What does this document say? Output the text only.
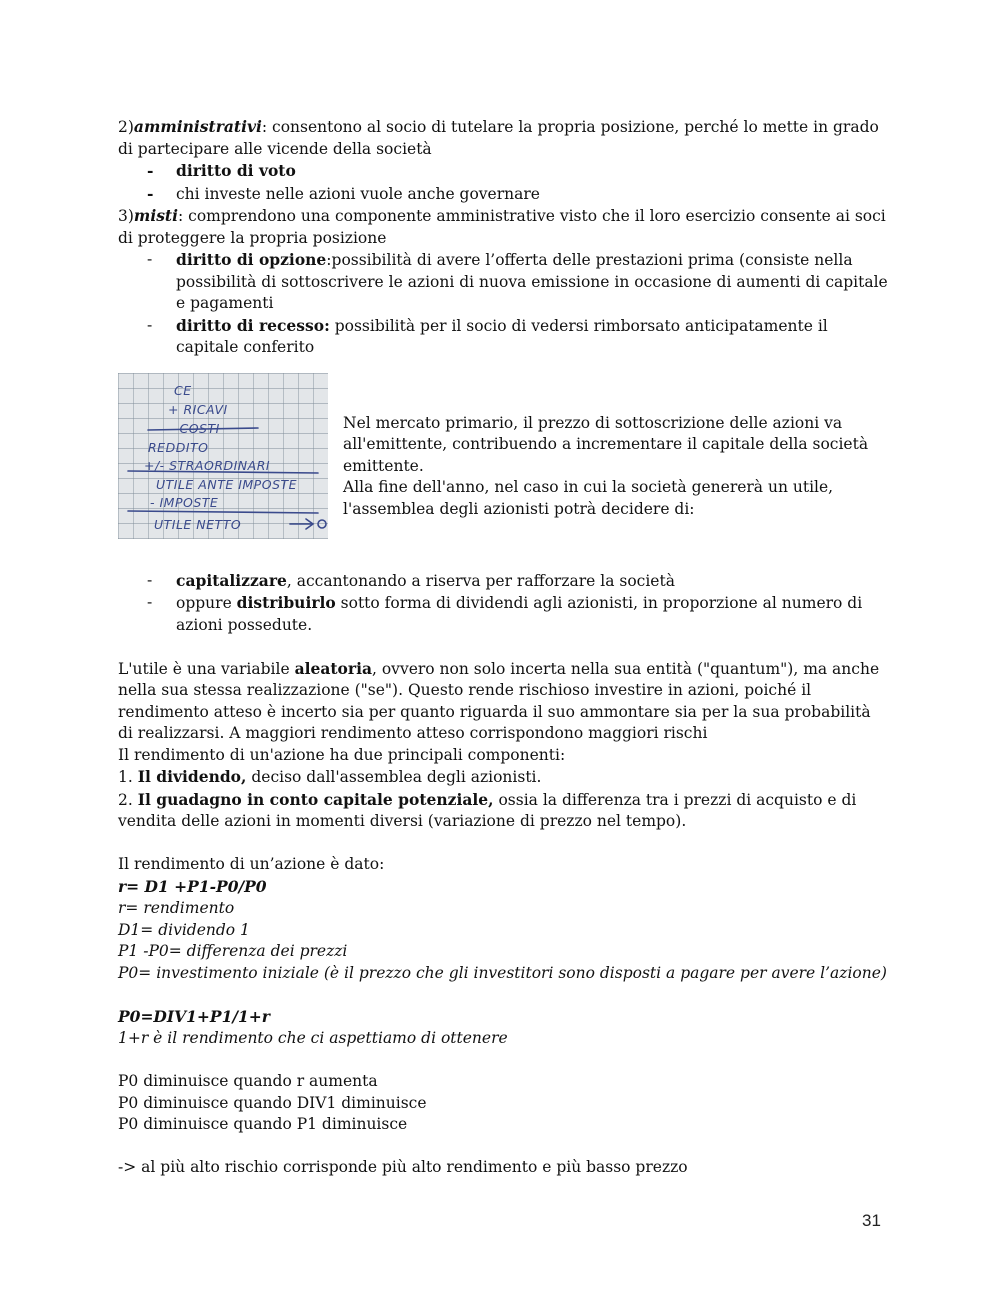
2)amministrativi: consentono al socio di tutelare la propria posizione, perché lo mette in grado di partecipare alle vicende della società

- diritto di voto
- chi investe nelle azioni vuole anche governare

3)misti: comprendono una componente amministrative visto che il loro esercizio consente ai soci di proteggere la propria posizione

- diritto di opzione:possibilità di avere l’offerta delle prestazioni prima (consiste nella possibilità di sottoscrivere le azioni di nuova emissione in occasione di aumenti di capitale e pagamenti
- diritto di recesso: possibilità per il socio di vedersi rimborsato anticipatamente il capitale conferito
CE
+ RICAVI
- COSTI
REDDITO
+/- STRAORDINARI
UTILE ANTE IMPOSTE
- IMPOSTE
UTILE NETTO

Nel mercato primario, il prezzo di sottoscrizione delle azioni va all'emittente, contribuendo a incrementare il capitale della società emittente.

Alla fine dell'anno, nel caso in cui la società genererà un utile, l'assemblea degli azionisti potrà decidere di:

- capitalizzare, accantonando a riserva per rafforzare la società
- oppure distribuirlo sotto forma di dividendi agli azionisti, in proporzione al numero di azioni possedute.

L'utile è una variabile aleatoria, ovvero non solo incerta nella sua entità ("quantum"), ma anche nella sua stessa realizzazione ("se"). Questo rende rischioso investire in azioni, poiché il rendimento atteso è incerto sia per quanto riguarda il suo ammontare sia per la sua probabilità di realizzarsi. A maggiori rendimento atteso corrispondono maggiori rischi

Il rendimento di un'azione ha due principali componenti:

1. Il dividendo, deciso dall'assemblea degli azionisti.

2. Il guadagno in conto capitale potenziale, ossia la differenza tra i prezzi di acquisto e di vendita delle azioni in momenti diversi (variazione di prezzo nel tempo).

Il rendimento di un’azione è dato:

r= D1 +P1-P0/P0

r= rendimento

D1= dividendo 1

P1 -P0= differenza dei prezzi

P0= investimento iniziale (è il prezzo che gli investitori sono disposti a pagare per avere l’azione)

P0=DIV1+P1/1+r

1+r è il rendimento che ci aspettiamo di ottenere

P0 diminuisce quando r aumenta

P0 diminuisce quando DIV1 diminuisce

P0 diminuisce quando P1 diminuisce

-> al più alto rischio corrisponde più alto rendimento e più basso prezzo

31
